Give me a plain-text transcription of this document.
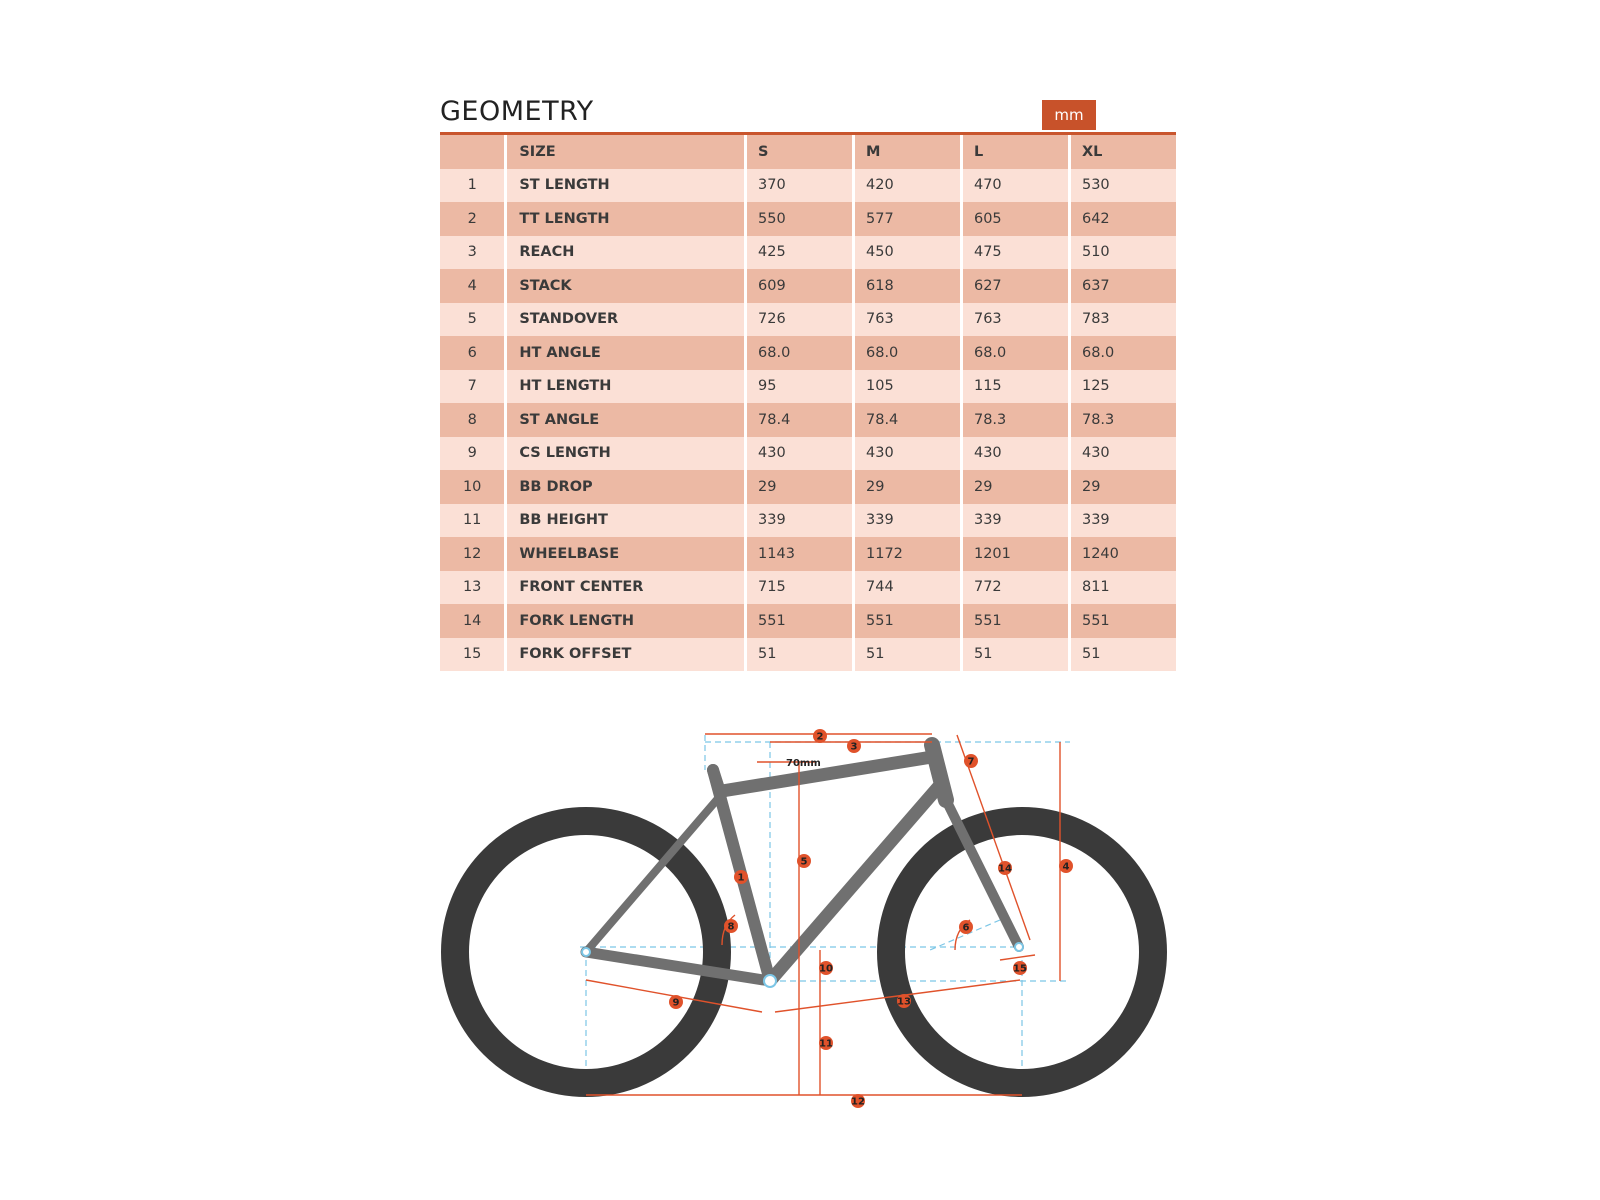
GEOMETRY	mm
	SIZE	S	M	L	XL
1	ST LENGTH	370	420	470	530
2	TT LENGTH	550	577	605	642
3	REACH	425	450	475	510
4	STACK	609	618	627	637
5	STANDOVER	726	763	763	783
6	HT ANGLE	68.0	68.0	68.0	68.0
7	HT LENGTH	95	105	115	125
8	ST ANGLE	78.4	78.4	78.3	78.3
9	CS LENGTH	430	430	430	430
10	BB DROP	29	29	29	29
11	BB HEIGHT	339	339	339	339
12	WHEELBASE	1143	1172	1201	1240
13	FRONT CENTER	715	744	772	811
14	FORK LENGTH	551	551	551	551
15	FORK OFFSET	51	51	51	51
70mm
1
2
3
4
5
6
7
8
9
10
11
12
13
14
15
